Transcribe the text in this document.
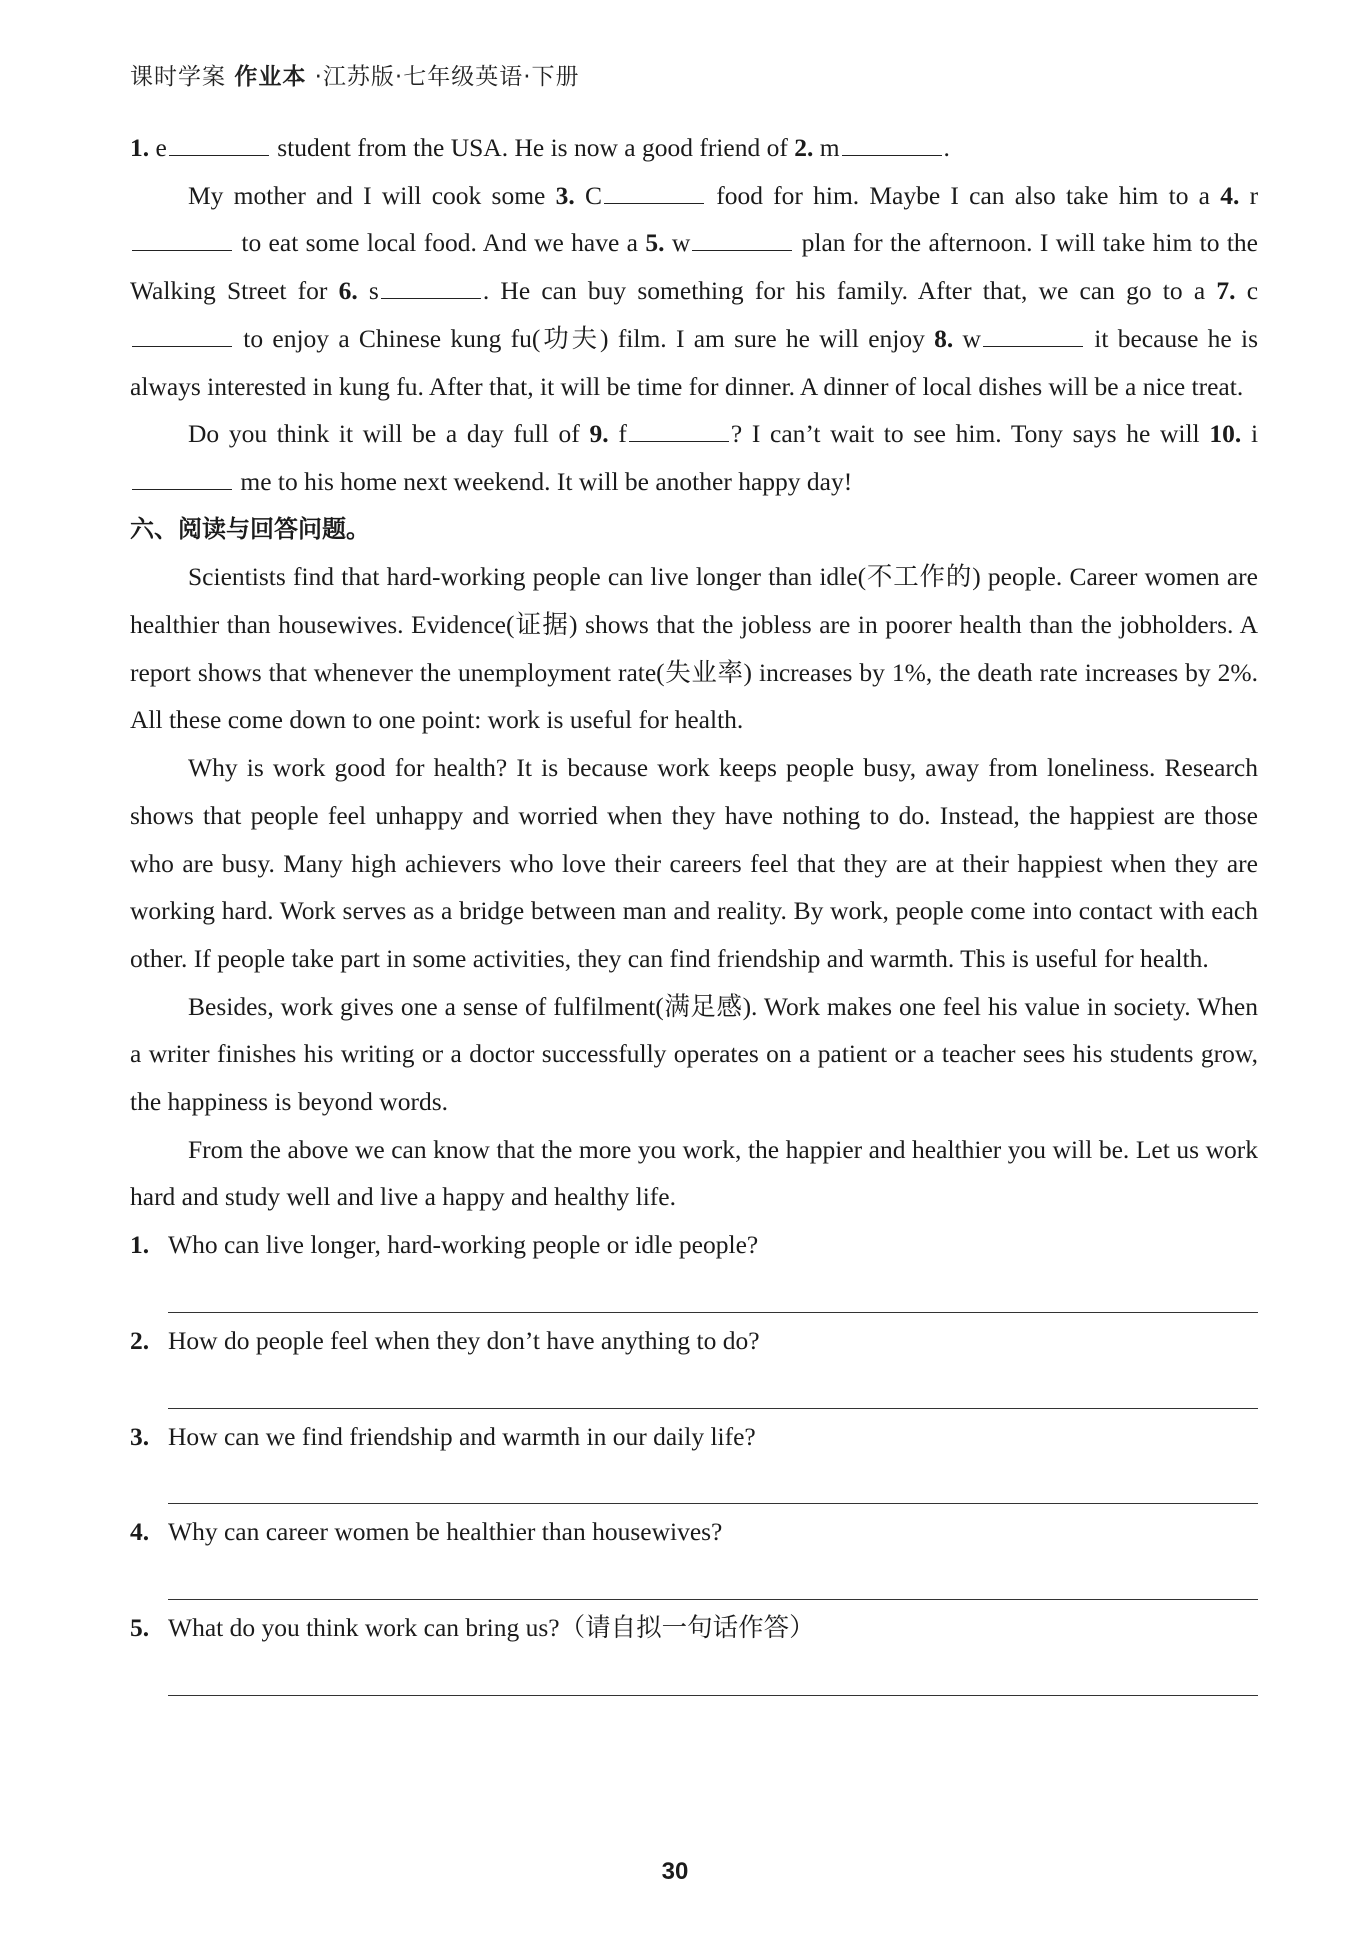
课时学案 作业本 ·江苏版·七年级英语·下册

1. e	student from the USA. He is now a good friend of 2. m	.

My mother and I will cook some 3. C	food for him. Maybe I can also take him to a 4. r to eat some local food. And we have a 5. w	plan for the afternoon. I will take him to the Walking Street for 6. s	. He can buy something for his family. After that, we can go to a 7. c to enjoy a Chinese kung fu(功夫) film. I am sure he will enjoy 8. w	it because he is always interested in kung fu. After that, it will be time for dinner. A dinner of local dishes will be a nice treat.

Do you think it will be a day full of 9. f	? I can’t wait to see him. Tony says he will 10. i me to his home next weekend. It will be another happy day!

六、阅读与回答问题。

Scientists find that hard-working people can live longer than idle(不工作的) people. Career women are healthier than housewives. Evidence(证据) shows that the jobless are in poorer health than the jobholders. A report shows that whenever the unemployment rate(失业率) increases by 1%, the death rate increases by 2%. All these come down to one point: work is useful for health.

Why is work good for health? It is because work keeps people busy, away from loneliness. Research shows that people feel unhappy and worried when they have nothing to do. Instead, the happiest are those who are busy. Many high achievers who love their careers feel that they are at their happiest when they are working hard. Work serves as a bridge between man and reality. By work, people come into contact with each other. If people take part in some activities, they can find friendship and warmth. This is useful for health.

Besides, work gives one a sense of fulfilment(满足感). Work makes one feel his value in society. When a writer finishes his writing or a doctor successfully operates on a patient or a teacher sees his students grow, the happiness is beyond words.

From the above we can know that the more you work, the happier and healthier you will be. Let us work hard and study well and live a happy and healthy life.

1. Who can live longer, hard-working people or idle people?
2. How do people feel when they don’t have anything to do?
3. How can we find friendship and warmth in our daily life?
4. Why can career women be healthier than housewives?
5. What do you think work can bring us?（请自拟一句话作答）
30
